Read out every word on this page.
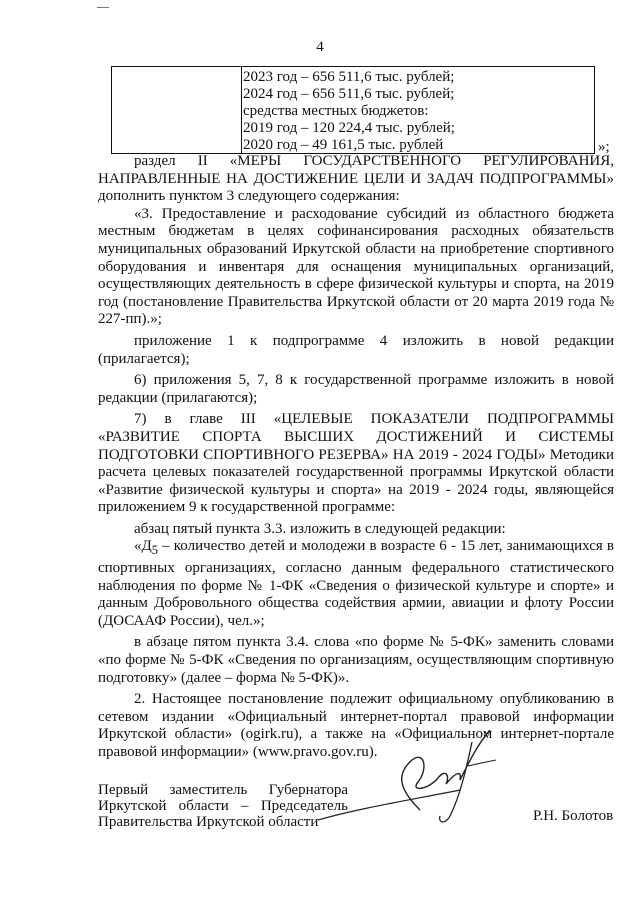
4
2023 год – 656 511,6 тыс. рублей;
2024 год – 656 511,6 тыс. рублей;
средства местных бюджетов:
2019 год – 120 224,4 тыс. рублей;
2020 год – 49 161,5 тыс. рублей	»;

раздел II «МЕРЫ ГОСУДАРСТВЕННОГО РЕГУЛИРОВАНИЯ,

НАПРАВЛЕННЫЕ НА ДОСТИЖЕНИЕ ЦЕЛИ И ЗАДАЧ ПОДПРОГРАММЫ»

дополнить пунктом 3 следующего содержания:

«3. Предоставление и расходование субсидий из областного бюджета местным бюджетам в целях софинансирования расходных обязательств муниципальных образований Иркутской области на приобретение спортивного оборудования и инвентаря для оснащения муниципальных организаций, осуществляющих деятельность в сфере физической культуры и спорта, на 2019 год (постановление Правительства Иркутской области от 20 марта 2019 года № 227-пп).»;

приложение 1 к подпрограмме 4 изложить в новой редакции (прилагается);

6) приложения 5, 7, 8 к государственной программе изложить в новой редакции (прилагаются);

7) в главе III «ЦЕЛЕВЫЕ ПОКАЗАТЕЛИ ПОДПРОГРАММЫ «РАЗВИТИЕ СПОРТА ВЫСШИХ ДОСТИЖЕНИЙ И СИСТЕМЫ ПОДГОТОВКИ СПОРТИВНОГО РЕЗЕРВА» НА 2019 - 2024 ГОДЫ» Методики расчета целевых показателей государственной программы Иркутской области «Развитие физической культуры и спорта» на 2019 - 2024 годы, являющейся приложением 9 к государственной программе:

абзац пятый пункта 3.3. изложить в следующей редакции:

«$Д_5$ – количество детей и молодежи в возрасте 6 - 15 лет, занимающихся в спортивных организациях, согласно данным федерального статистического наблюдения по форме № 1-ФК «Сведения о физической культуре и спорте» и данным Добровольного общества содействия армии, авиации и флоту России (ДОСААФ России), чел.»;

в абзаце пятом пункта 3.4. слова «по форме № 5-ФК» заменить словами «по форме № 5-ФК «Сведения по организациям, осуществляющим спортивную подготовку» (далее – форма № 5-ФК)».

2. Настоящее постановление подлежит официальному опубликованию в сетевом издании «Официальный интернет-портал правовой информации Иркутской области» (ogirk.ru), а также на «Официальном интернет-портале правовой информации» (www.pravo.gov.ru).

Первый заместитель Губернатора
Иркутской области – Председатель
Правительства Иркутской области	Р.Н. Болотов
